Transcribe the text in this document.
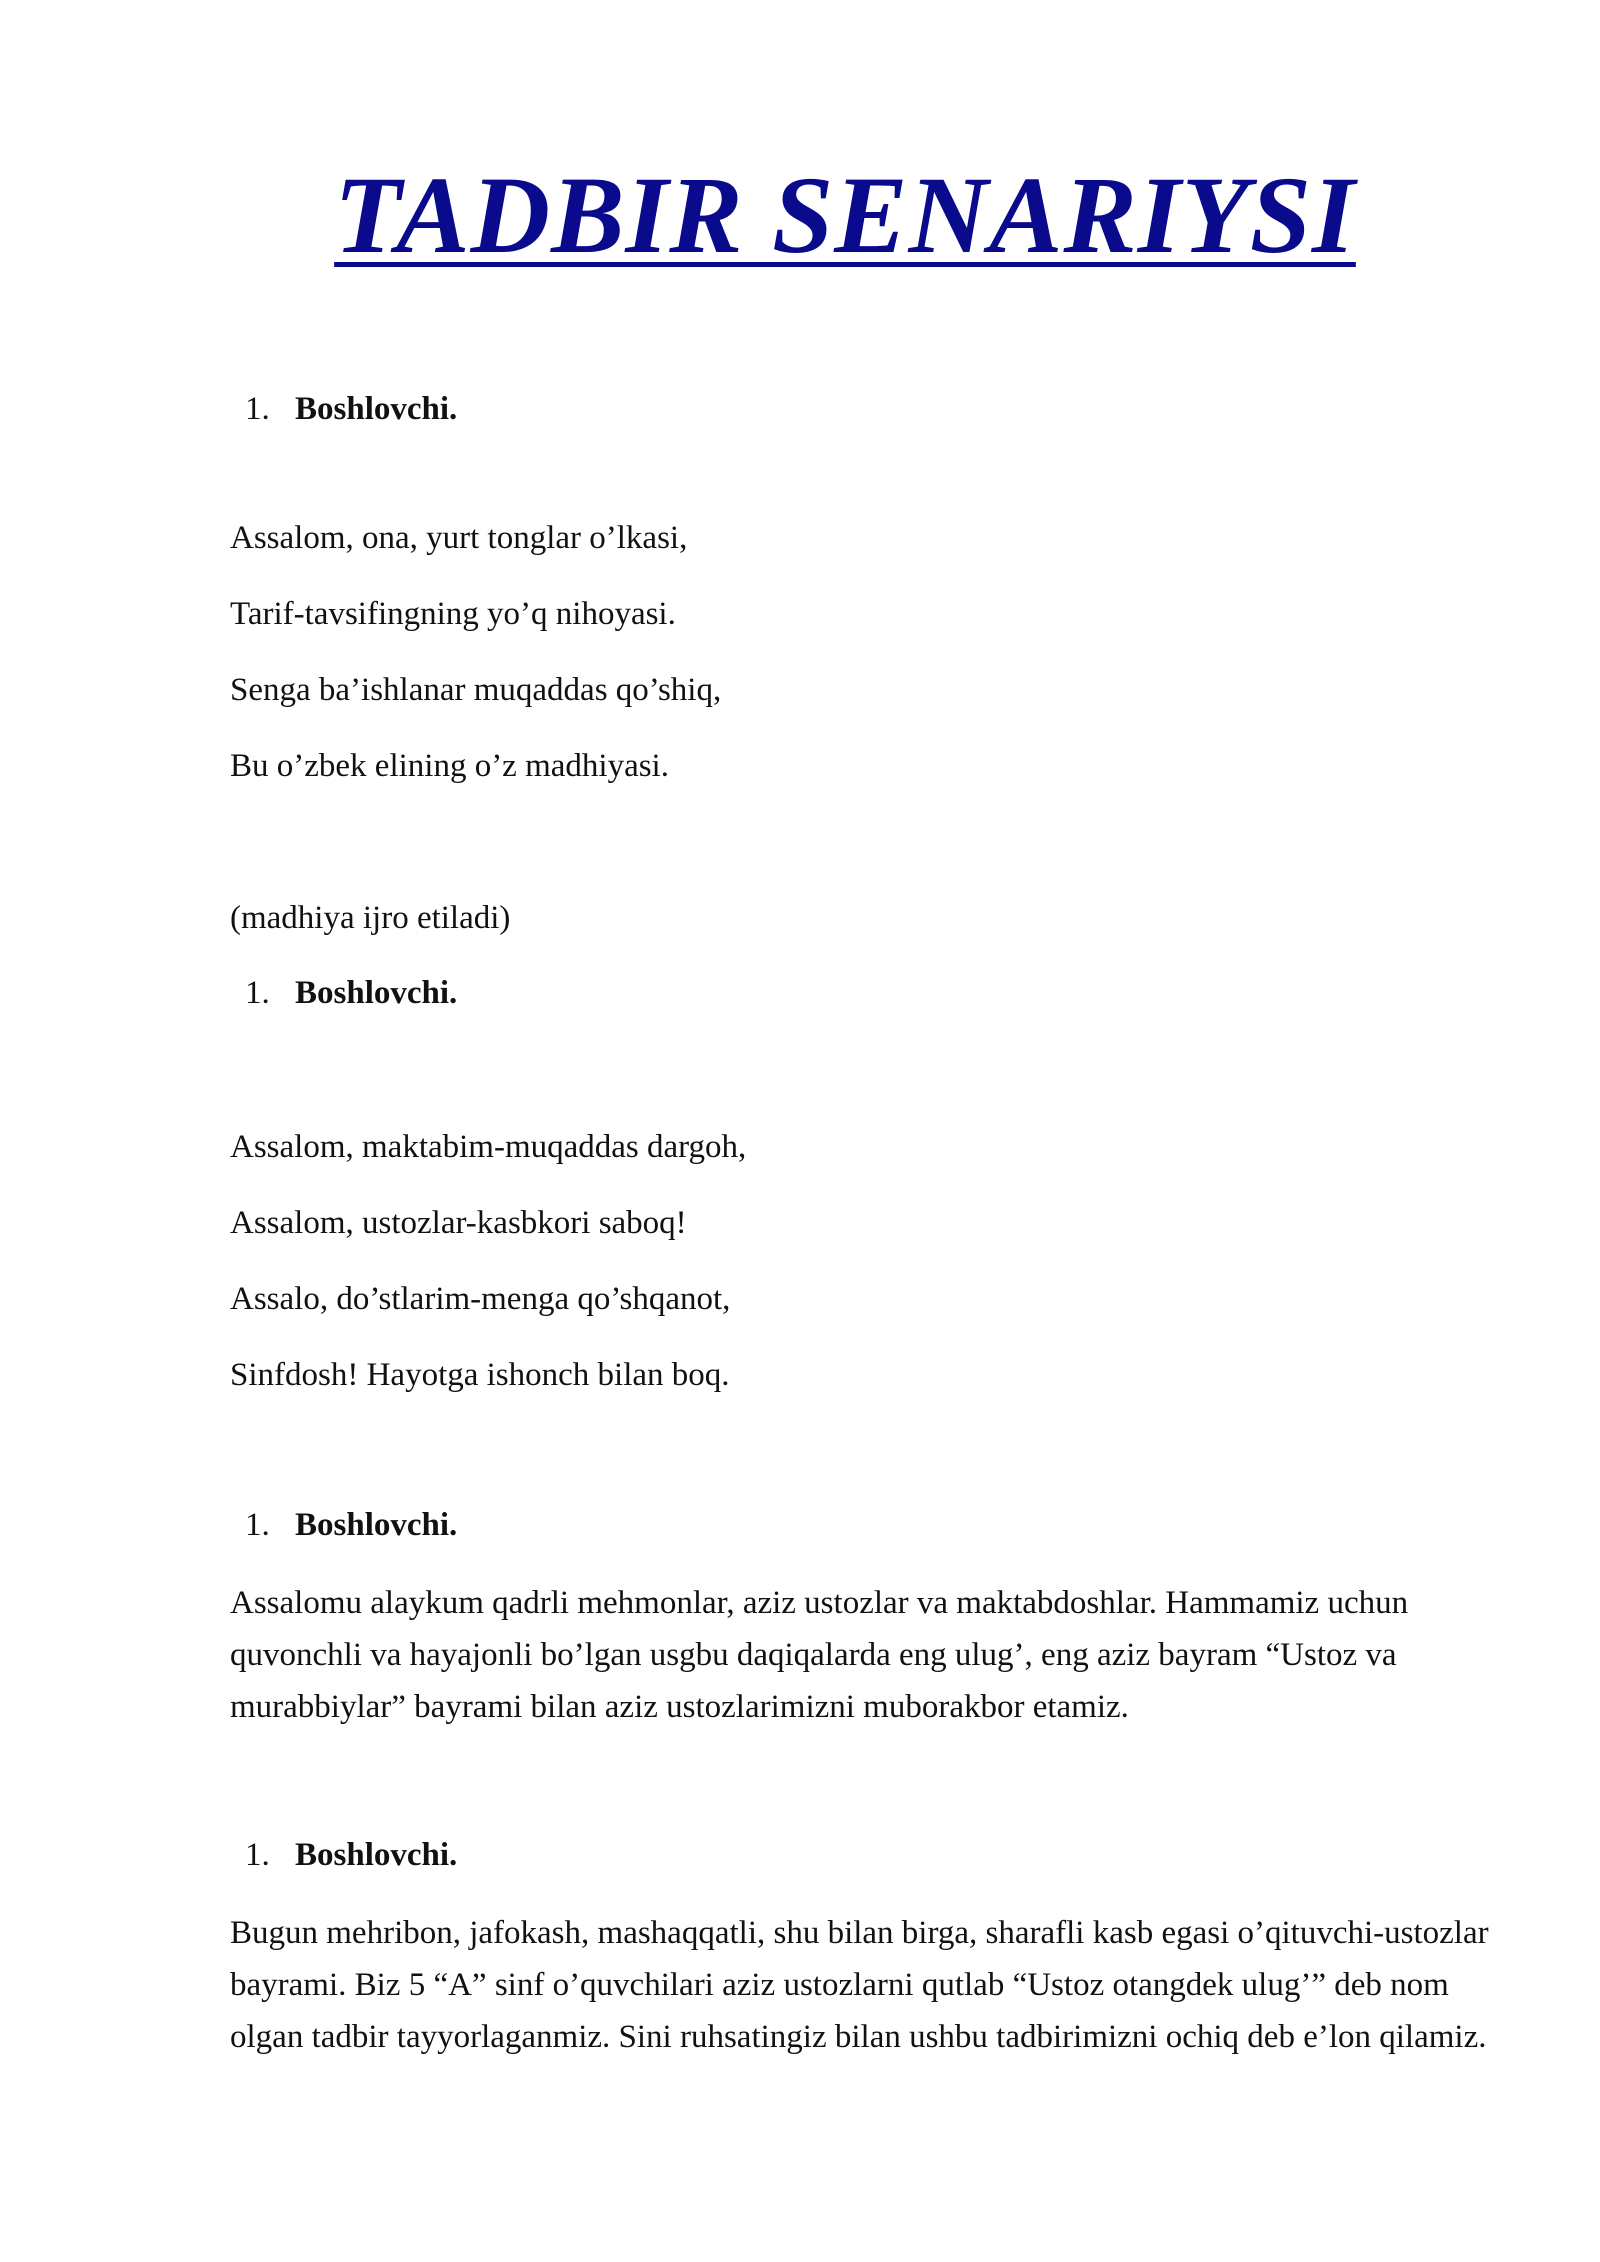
TADBIR SENARIYSI
1. Boshlovchi.
Assalom, ona, yurt tonglar o’lkasi,
Tarif-tavsifingning yo’q nihoyasi.
Senga ba’ishlanar muqaddas qo’shiq,
Bu o’zbek elining o’z madhiyasi.
(madhiya ijro etiladi)
1. Boshlovchi.
Assalom, maktabim-muqaddas dargoh,
Assalom, ustozlar-kasbkori saboq!
Assalo, do’stlarim-menga qo’shqanot,
Sinfdosh! Hayotga ishonch bilan boq.
1. Boshlovchi.
Assalomu alaykum qadrli mehmonlar, aziz ustozlar va maktabdoshlar. Hammamiz uchun quvonchli va hayajonli bo’lgan usgbu daqiqalarda eng ulug’, eng aziz bayram “Ustoz va murabbiylar” bayrami bilan aziz ustozlarimizni muborakbor etamiz.
1. Boshlovchi.
Bugun mehribon, jafokash, mashaqqatli, shu bilan birga, sharafli kasb egasi o’qituvchi-ustozlar bayrami. Biz 5 “A” sinf o’quvchilari aziz ustozlarni qutlab “Ustoz otangdek ulug’” deb nom olgan tadbir tayyorlaganmiz. Sini ruhsatingiz bilan ushbu tadbirimizni ochiq deb e’lon qilamiz.
